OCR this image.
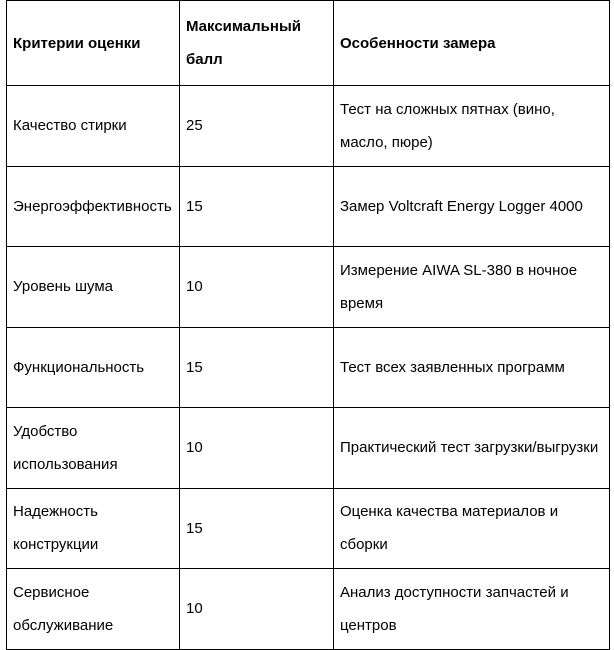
Критерии оценки	Максимальный балл	Особенности замера
Качество стирки	25	Тест на сложных пятнах (вино, масло, пюре)
Энергоэффективность	15	Замер Voltcraft Energy Logger 4000
Уровень шума	10	Измерение AIWA SL-380 в ночное время
Функциональность	15	Тест всех заявленных программ
Удобство использования	10	Практический тест загрузки/выгрузки
Надежность конструкции	15	Оценка качества материалов и сборки
Сервисное обслуживание	10	Анализ доступности запчастей и центров
